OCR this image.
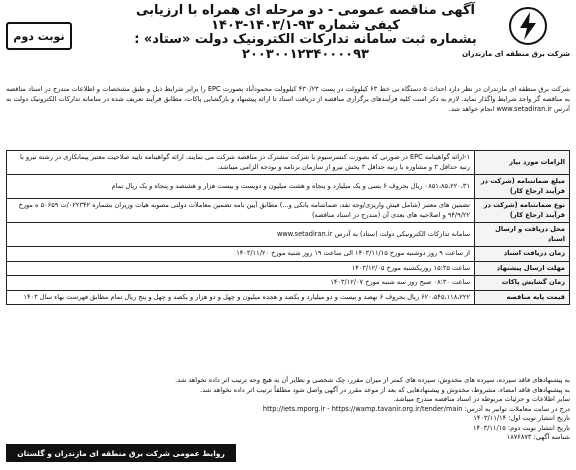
شرکت برق منطقه ای مازندران
آگهی مناقصه عمومی - دو مرحله ای همراه با ارزیابی
کیفی شماره ۹۳-۱۴۰۳/۱-۱۴۰۳
بشماره ثبت سامانه تدارکات الکترونیک دولت «ستاد» :
۲۰۰۳۰۰۱۲۳۴۰۰۰۰۹۳
نوبت دوم
شرکت برق منطقه ای مازندران در نظر دارد احداث ۵ دستگاه بی خط ۶۳ کیلوولت در پست ۴۳۰/۲۳ کیلوولت محمودآباد بصورت EPC را برابر شرایط ذیل و طبق مشخصات و اطلاعات مندرج در اسناد مناقصه به مناقصه گر واجد شرایط واگذار نماید. لازم به ذکر است کلیه فرآیندهای برگزاری مناقصه از دریافت اسناد تا ارائه پیشنهاد و بازگشایی پاکات، مطابق فرآیند تعریف شده در سامانه تدارکات الکترونیک دولت به آدرس www.setadiran.ir انجام خواهد شد.
الزامات مورد نیاز	۱-ارائه گواهینامه EPC در صورتی که بصورت کنسرسیوم یا شرکت مشترک در مناقصه شرکت می نمایند، ارائه گواهینامه تایید صلاحیت معتبر پیمانکاری در رشته نیرو با رتبه حداقل ۳ و مشاوره با رتبه حداقل ۳ بخش نیرو از سازمان برنامه و بودجه الزامی میباشد.
مبلغ ضمانتنامه (شرکت در فرآیند ارجاع کار)	۰۸۵۱،۸۵،۲۲۰،۳۱ ریال بحروف ۶ بسی و یک میلیارد و پنجاه و هشت میلیون و دویست و بیست هزار و هشتصد و پنجاه و یک ریال تمام
نوع ضمانتنامه (شرکت در فرآیند ارجاع کار)	تضمین های معتبر (شامل فیش واریزی/وجه نقد، ضمانتنامه بانکی و...) مطابق آیین نامه تضمین معاملات دولتی مصوبه هیات وزیران بشماره ۰۲۲۳۴۲/ت ۵۰۶۵۹ ه مورخ ۹۴/۹/۲۲ و اصلاحیه های بعدی آن (مندرج در اسناد مناقصه)
محل دریافت و ارسال اسناد	سامانه تدارکات الکترونیکی دولت (ستاد) به آدرس www.setadiran.ir
زمان دریافت اسناد	از ساعت ۹ روز دوشنبه مورخ ۱۴۰۳/۱۱/۱۵ الی ساعت ۱۹ روز شنبه مورخ ۱۴۰۳/۱۱/۲۰
مهلت ارسال پیشنهاد	ساعت ۱۵:۳۵ روزیکشنبه مورخ ۱۴۰۳/۱۲/۰۵
زمان گشایش پاکات	ساعت ۰۸:۳۰ صبح روز سه شنبه مورخ ۱۴۰۳/۱۲/۰۷
قیمت پایه مناقصه	۶۲۰،۵۴۵،۱۱۸،۲۲۲ ریال بحروف ۶ نهصد و بیست و دو میلیارد و یکصد و هجده میلیون و چهل و دو هزار و یکصد و چهل و پنج ریال تمام مطابق فهرست بهاء سال ۱۴۰۳

به پیشنهادهای فاقد سپرده، سپرده های مخدوش، سپرده های کمتر از میزان مقرر، چک شخصی و نظایر آن به هیچ وجه ترتیب اثر داده نخواهد شد.

به پیشنهادهای فاقد امضاء، مشروط، مخدوش و پیشنهادهایی که بعد از موعد مقرر در آگهی واصل شود مطلقاً ترتیب اثر داده نخواهد شد.

سایر اطلاعات و جزئیات مربوطه در اسناد مناقصه مندرج میباشد.

درج در سایت معاملات توانیر به آدرس: http://iets.mporg.ir - https://wamp.tavanir.org.ir/tender/main

تاریخ انتشار نوبت اول: ۱۴۰۳/۱۱/۱۴

تاریخ انتشار نوبت دوم: ۱۴۰۳/۱۱/۱۵

شناسه آگهی: ۱۸۷۶۸۷۳

روابط عمومی شرکت برق منطقه ای مازندران و گلستان
